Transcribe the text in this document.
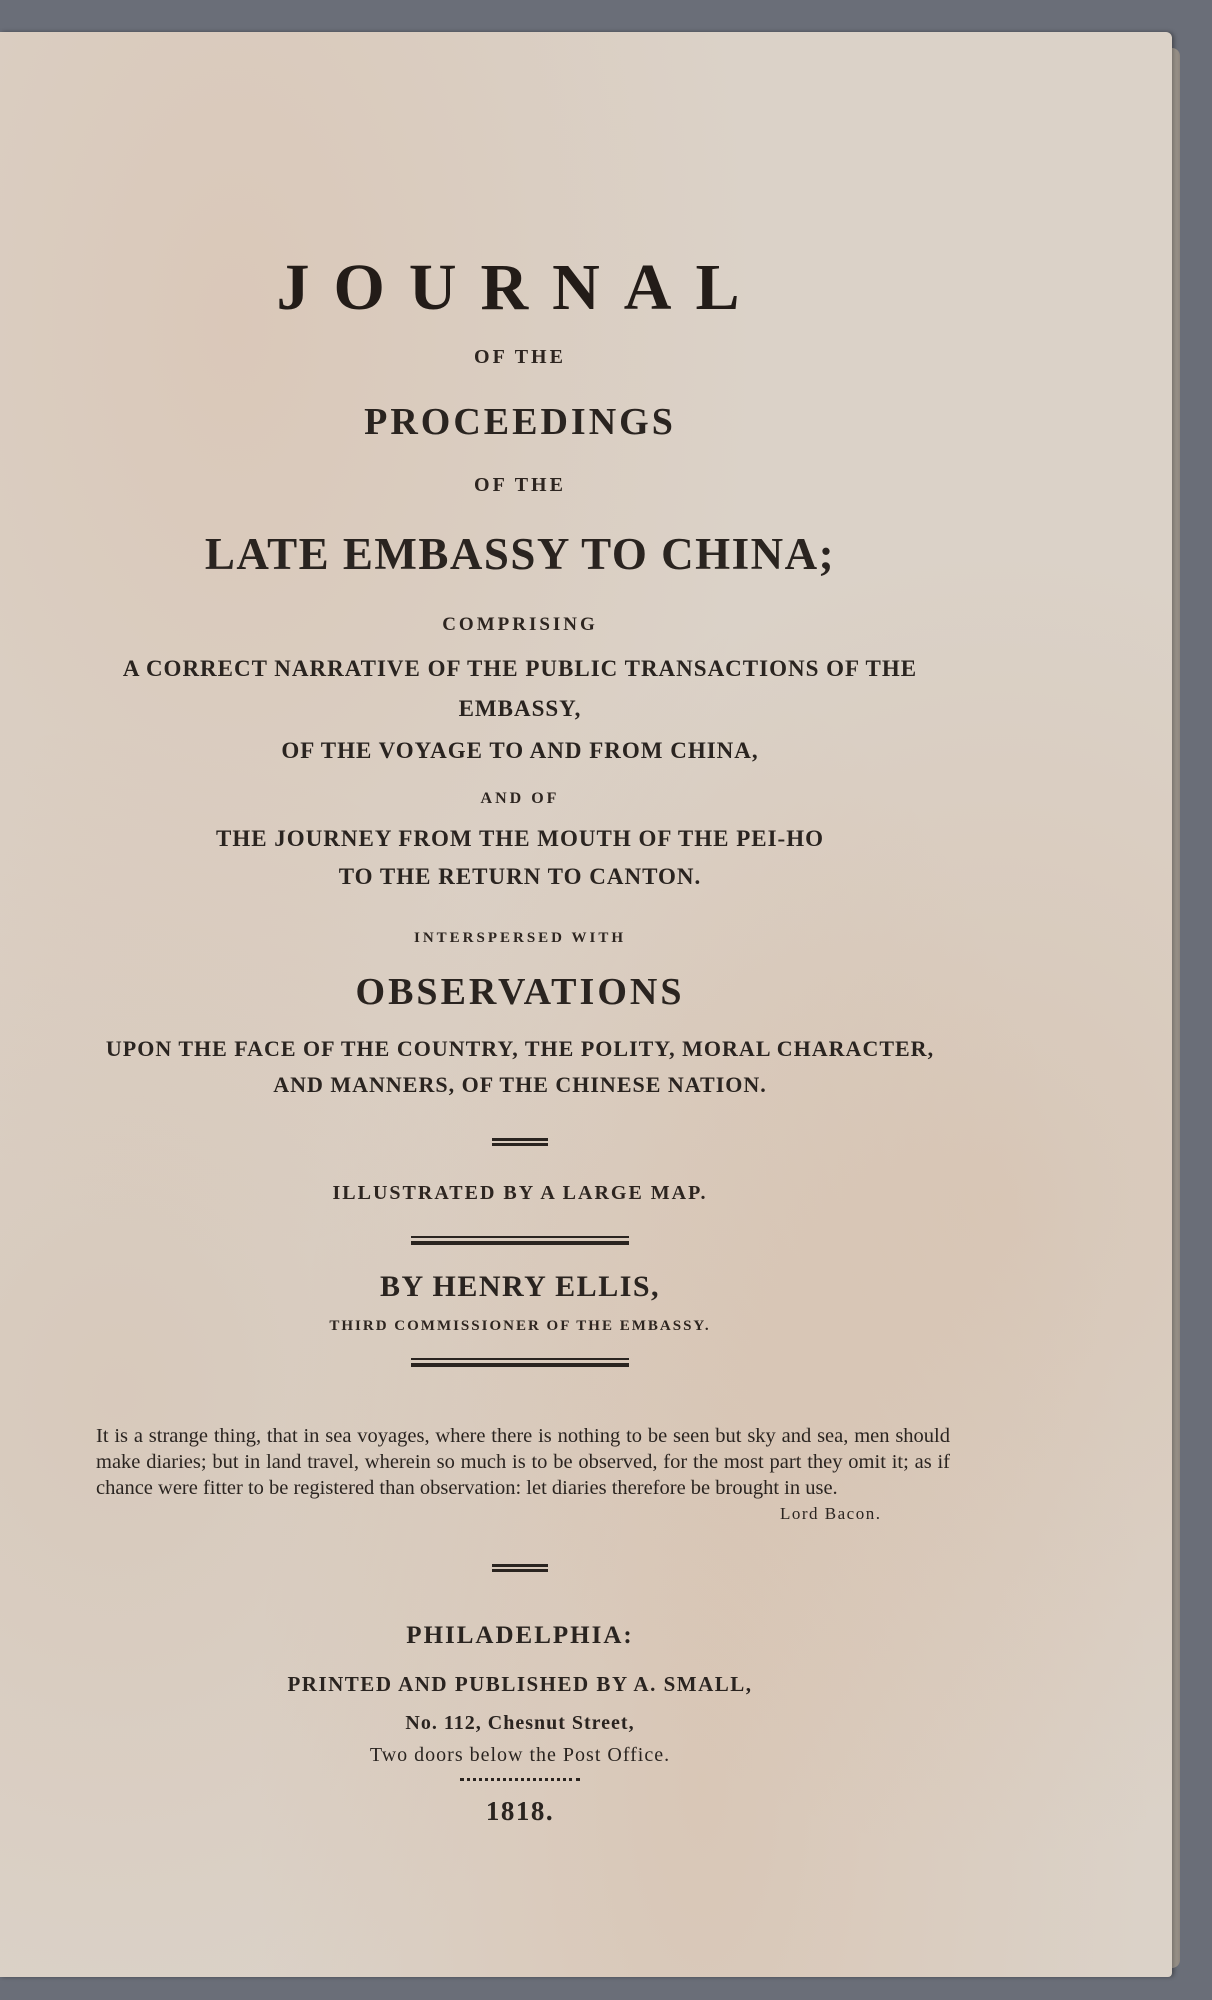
JOURNAL
OF THE
PROCEEDINGS
OF THE
LATE EMBASSY TO CHINA;
COMPRISING
A CORRECT NARRATIVE OF THE PUBLIC TRANSACTIONS OF THE
EMBASSY,
OF THE VOYAGE TO AND FROM CHINA,
AND OF
THE JOURNEY FROM THE MOUTH OF THE PEI-HO
TO THE RETURN TO CANTON.
INTERSPERSED WITH
OBSERVATIONS
UPON THE FACE OF THE COUNTRY, THE POLITY, MORAL CHARACTER,
AND MANNERS, OF THE CHINESE NATION.
ILLUSTRATED BY A LARGE MAP.
BY HENRY ELLIS,
THIRD COMMISSIONER OF THE EMBASSY.

It is a strange thing, that in sea voyages, where there is nothing to be seen but sky and sea, men should make diaries; but in land travel, wherein so much is to be observed, for the most part they omit it; as if chance were fitter to be registered than observation: let diaries therefore be brought in use.

Lord Bacon.
PHILADELPHIA:
PRINTED AND PUBLISHED BY A. SMALL,
No. 112, Chesnut Street,
Two doors below the Post Office.
1818.
